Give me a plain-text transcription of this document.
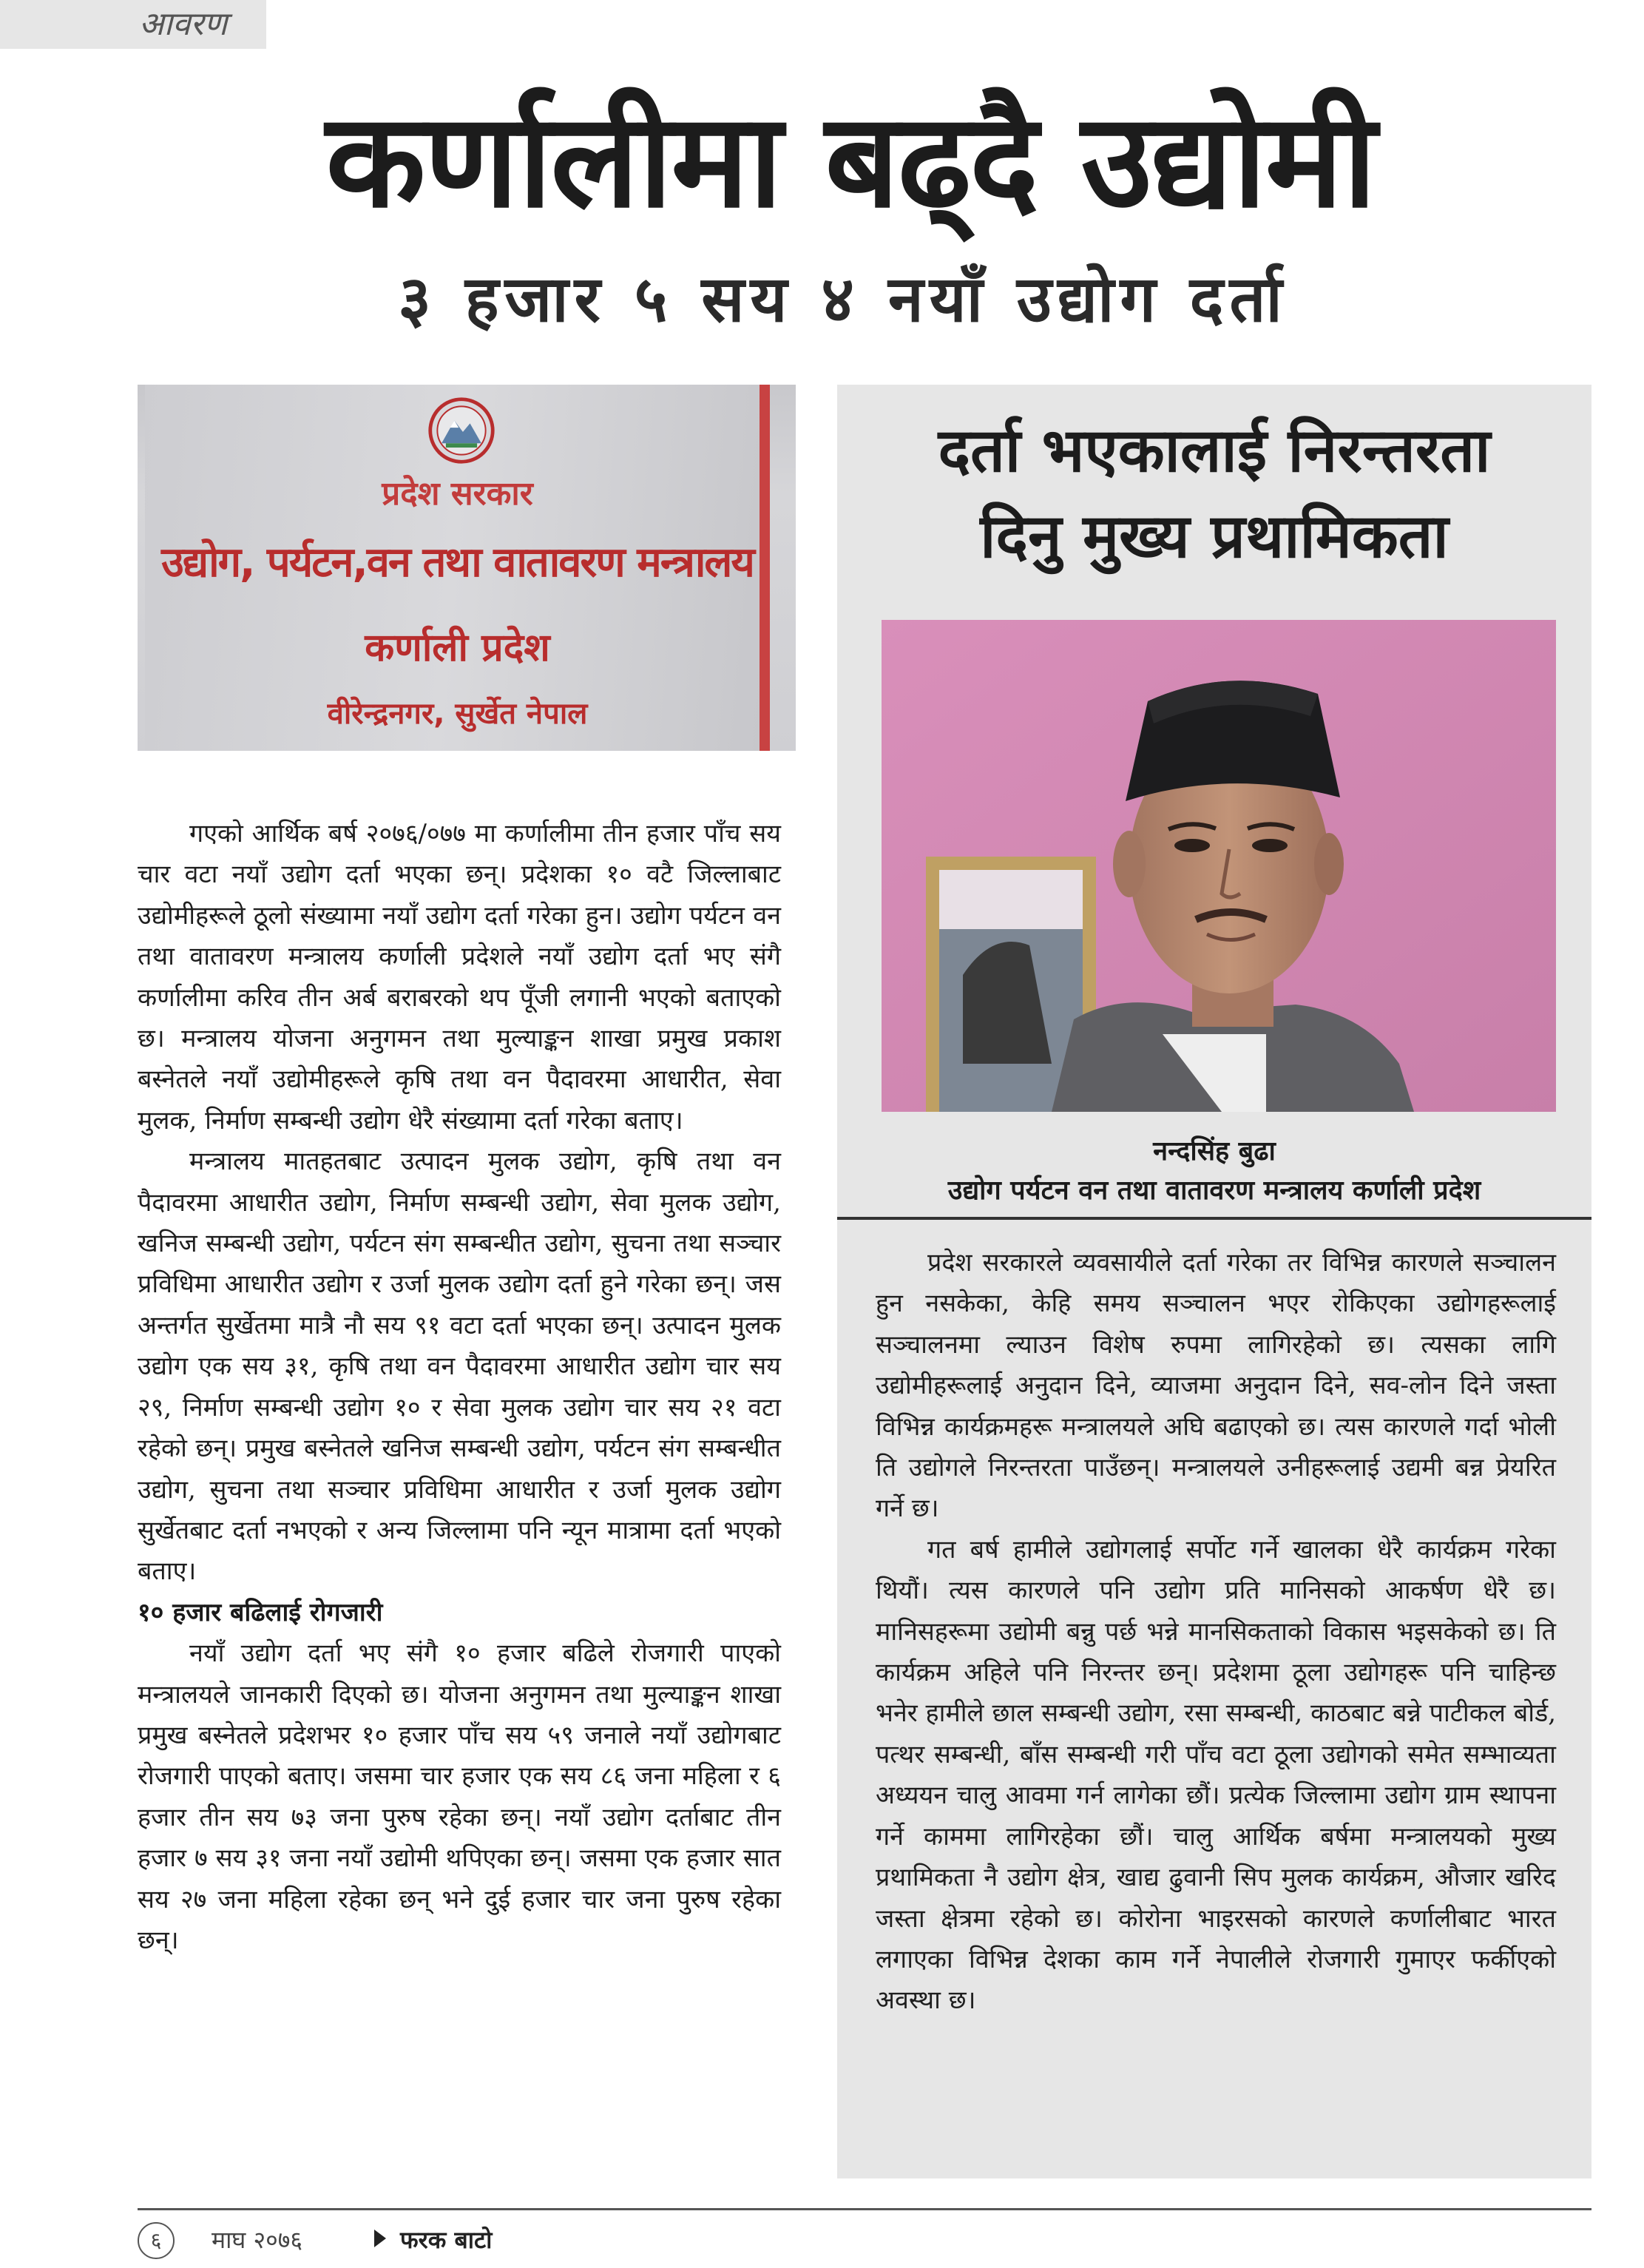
आवरण
कर्णालीमा बढ्दै उद्योमी
३ हजार ५ सय ४ नयाँ उद्योग दर्ता
प्रदेश सरकार
उद्योग, पर्यटन,वन तथा वातावरण मन्त्रालय
कर्णाली प्रदेश
वीरेन्द्रनगर, सुर्खेत नेपाल

गएको आर्थिक बर्ष २०७६/०७७ मा कर्णालीमा तीन हजार पाँच सय चार वटा नयाँ उद्योग दर्ता भएका छन्। प्रदेशका १० वटै जिल्लाबाट उद्योमीहरूले ठूलो संख्यामा नयाँ उद्योग दर्ता गरेका हुन। उद्योग पर्यटन वन तथा वातावरण मन्त्रालय कर्णाली प्रदेशले नयाँ उद्योग दर्ता भए संगै कर्णालीमा करिव तीन अर्ब बराबरको थप पूँजी लगानी भएको बताएको छ। मन्त्रालय योजना अनुगमन तथा मुल्याङ्कन शाखा प्रमुख प्रकाश बस्नेतले नयाँ उद्योमीहरूले कृषि तथा वन पैदावरमा आधारीत, सेवा मुलक, निर्माण सम्बन्धी उद्योग धेरै संख्यामा दर्ता गरेका बताए।

मन्त्रालय मातहतबाट उत्पादन मुलक उद्योग, कृषि तथा वन पैदावरमा आधारीत उद्योग, निर्माण सम्बन्धी उद्योग, सेवा मुलक उद्योग, खनिज सम्बन्धी उद्योग, पर्यटन संग सम्बन्धीत उद्योग, सुचना तथा सञ्चार प्रविधिमा आधारीत उद्योग र उर्जा मुलक उद्योग दर्ता हुने गरेका छन्। जस अन्तर्गत सुर्खेतमा मात्रै नौ सय ९१ वटा दर्ता भएका छन्। उत्पादन मुलक उद्योग एक सय ३१, कृषि तथा वन पैदावरमा आधारीत उद्योग चार सय २९, निर्माण सम्बन्धी उद्योग १० र सेवा मुलक उद्योग चार सय २१ वटा रहेको छन्। प्रमुख बस्नेतले खनिज सम्बन्धी उद्योग, पर्यटन संग सम्बन्धीत उद्योग, सुचना तथा सञ्चार प्रविधिमा आधारीत र उर्जा मुलक उद्योग सुर्खेतबाट दर्ता नभएको र अन्य जिल्लामा पनि न्यून मात्रामा दर्ता भएको बताए।

१० हजार बढिलाई रोगजारी

नयाँ उद्योग दर्ता भए संगै १० हजार बढिले रोजगारी पाएको मन्त्रालयले जानकारी दिएको छ। योजना अनुगमन तथा मुल्याङ्कन शाखा प्रमुख बस्नेतले प्रदेशभर १० हजार पाँच सय ५९ जनाले नयाँ उद्योगबाट रोजगारी पाएको बताए। जसमा चार हजार एक सय ८६ जना महिला र ६ हजार तीन सय ७३ जना पुरुष रहेका छन्। नयाँ उद्योग दर्ताबाट तीन हजार ७ सय ३१ जना नयाँ उद्योमी थपिएका छन्। जसमा एक हजार सात सय २७ जना महिला रहेका छन् भने दुई हजार चार जना पुरुष रहेका छन्।

दर्ता भएकालाई निरन्तरता
दिनु मुख्य प्रथामिकता
नन्दसिंह बुढा
उद्योग पर्यटन वन तथा वातावरण मन्त्रालय कर्णाली प्रदेश

प्रदेश सरकारले व्यवसायीले दर्ता गरेका तर विभिन्न कारणले सञ्चालन हुन नसकेका, केहि समय सञ्चालन भएर रोकिएका उद्योगहरूलाई सञ्चालनमा ल्याउन विशेष रुपमा लागिरहेको छ। त्यसका लागि उद्योमीहरूलाई अनुदान दिने, व्याजमा अनुदान दिने, सव-लोन दिने जस्ता विभिन्न कार्यक्रमहरू मन्त्रालयले अघि बढाएको छ। त्यस कारणले गर्दा भोली ति उद्योगले निरन्तरता पाउँछन्। मन्त्रालयले उनीहरूलाई उद्यमी बन्न प्रेयरित गर्ने छ।

गत बर्ष हामीले उद्योगलाई सर्पोट गर्ने खालका धेरै कार्यक्रम गरेका थियौं। त्यस कारणले पनि उद्योग प्रति मानिसको आकर्षण धेरै छ। मानिसहरूमा उद्योमी बन्नु पर्छ भन्ने मानसिकताको विकास भइसकेको छ। ति कार्यक्रम अहिले पनि निरन्तर छन्। प्रदेशमा ठूला उद्योगहरू पनि चाहिन्छ भनेर हामीले छाल सम्बन्धी उद्योग, रसा सम्बन्धी, काठबाट बन्ने पाटीकल बोर्ड, पत्थर सम्बन्धी, बाँस सम्बन्धी गरी पाँच वटा ठूला उद्योगको समेत सम्भाव्यता अध्ययन चालु आवमा गर्न लागेका छौं। प्रत्येक जिल्लामा उद्योग ग्राम स्थापना गर्ने काममा लागिरहेका छौं। चालु आर्थिक बर्षमा मन्त्रालयको मुख्य प्रथामिकता नै उद्योग क्षेत्र, खाद्य ढुवानी सिप मुलक कार्यक्रम, औजार खरिद जस्ता क्षेत्रमा रहेको छ। कोरोना भाइरसको कारणले कर्णालीबाट भारत लगाएका विभिन्न देशका काम गर्ने नेपालीले रोजगारी गुमाएर फर्कीएको अवस्था छ।

६	माघ २०७६	फरक बाटो
